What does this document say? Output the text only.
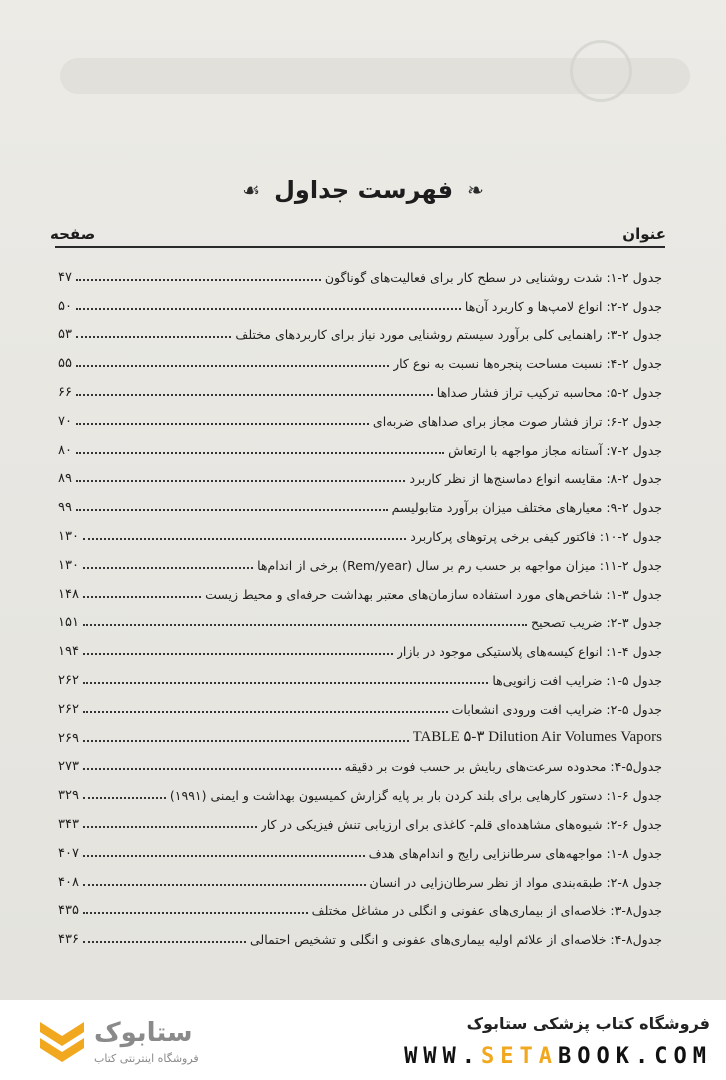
❧
فهرست جداول
☙
عنوان
صفحه
جدول ۲-۱: شدت روشنایی در سطح کار برای فعالیت‌های گوناگون
۴۷
جدول ۲-۲: انواع لامپ‌ها و کاربرد آن‌ها
۵۰
جدول ۲-۳: راهنمایی کلی برآورد سیستم روشنایی مورد نیاز برای کاربردهای مختلف
۵۳
جدول ۲-۴: نسبت مساحت پنجره‌ها نسبت به نوع کار
۵۵
جدول ۲-۵: محاسبه ترکیب تراز فشار صداها
۶۶
جدول ۲-۶: تراز فشار صوت مجاز برای صداهای ضربه‌ای
۷۰
جدول ۲-۷: آستانه مجاز مواجهه با ارتعاش
۸۰
جدول ۲-۸: مقایسه انواع دماسنج‌ها از نظر کاربرد
۸۹
جدول ۲-۹: معیارهای مختلف میزان برآورد متابولیسم
۹۹
جدول ۲-۱۰: فاکتور کیفی برخی پرتوهای پرکاربرد
۱۳۰
جدول ۲-۱۱: میزان مواجهه بر حسب رم بر سال (Rem/year) برخی از اندام‌ها
۱۳۰
جدول ۳-۱: شاخص‌های مورد استفاده سازمان‌های معتبر بهداشت حرفه‌ای و محیط زیست
۱۴۸
جدول ۳-۲: ضریب تصحیح
۱۵۱
جدول ۴-۱: انواع کیسه‌های پلاستیکی موجود در بازار
۱۹۴
جدول ۵-۱: ضرایب افت زانویی‌ها
۲۶۲
جدول ۵-۲: ضرایب افت ورودی انشعابات
۲۶۲
TABLE ۵-۳ Dilution Air Volumes Vapors
۲۶۹
جدول۵-۴: محدوده سرعت‌های ربایش بر حسب فوت بر دقیقه
۲۷۳
جدول ۶-۱: دستور کارهایی برای بلند کردن بار بر پایه گزارش کمیسیون بهداشت و ایمنی (۱۹۹۱)
۳۲۹
جدول ۶-۲: شیوه‌های مشاهده‌ای قلم- کاغذی برای ارزیابی تنش فیزیکی در کار
۳۴۳
جدول ۸-۱: مواجهه‌های سرطانزایی رایج و اندام‌های هدف
۴۰۷
جدول ۸-۲: طبقه‌بندی مواد از نظر سرطان‌زایی در انسان
۴۰۸
جدول۸-۳: خلاصه‌ای از بیماری‌های عفونی و انگلی در مشاغل مختلف
۴۳۵
جدول۸-۴: خلاصه‌ای از علائم اولیه بیماری‌های عفونی و انگلی و تشخیص احتمالی
۴۳۶
ستابوک
فروشگاه اینترنتی کتاب
فروشگاه کتاب پزشکی ستابوک
WWW.SETABOOK.COM
